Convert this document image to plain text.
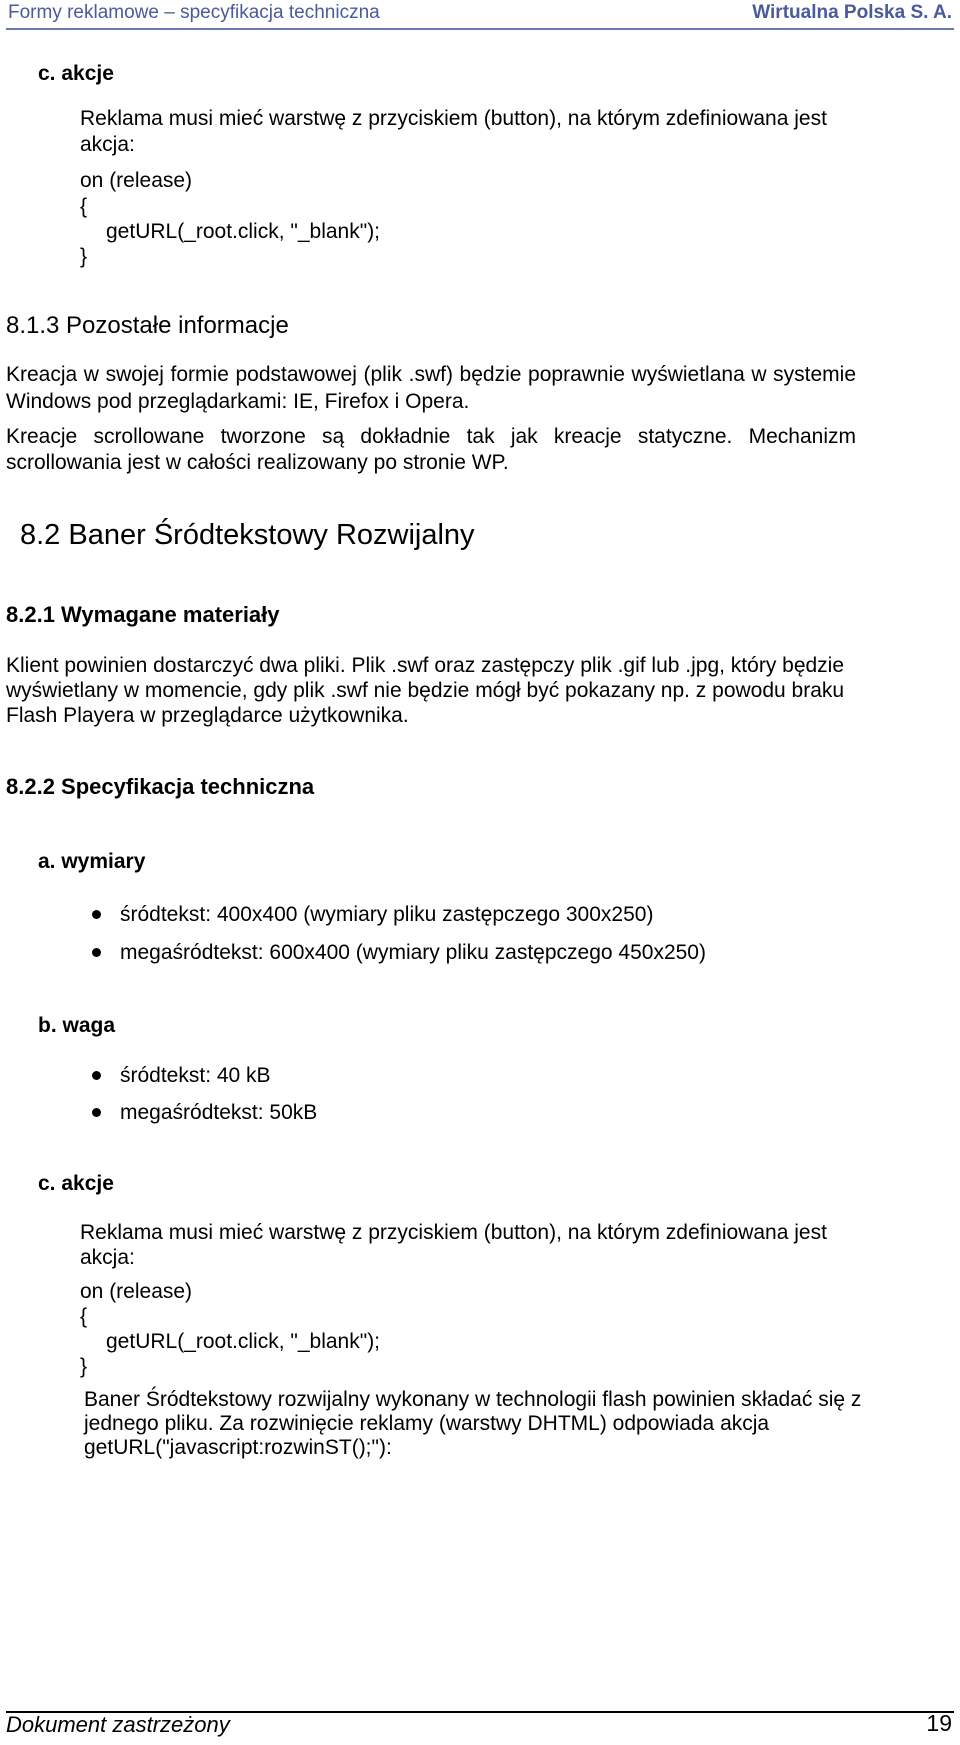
Formy reklamowe – specyfikacja techniczna	Wirtualna Polska S. A.
c. akcje
Reklama musi mieć warstwę z przyciskiem (button), na którym zdefiniowana jest
akcja:
on (release)
{
getURL(_root.click, "_blank");
}
8.1.3 Pozostałe informacje
Kreacja w swojej formie podstawowej (plik .swf) będzie poprawnie wyświetlana w systemie
Windows pod przeglądarkami: IE, Firefox i Opera.
Kreacje scrollowane tworzone są dokładnie tak jak kreacje statyczne. Mechanizm
scrollowania jest w całości realizowany po stronie WP.
8.2 Baner Śródtekstowy Rozwijalny
8.2.1 Wymagane materiały
Klient powinien dostarczyć dwa pliki. Plik .swf oraz zastępczy plik .gif lub .jpg, który będzie
wyświetlany w momencie, gdy plik .swf nie będzie mógł być pokazany np. z powodu braku
Flash Playera w przeglądarce użytkownika.
8.2.2 Specyfikacja techniczna
a. wymiary
śródtekst: 400x400 (wymiary pliku zastępczego 300x250)
megaśródtekst: 600x400 (wymiary pliku zastępczego 450x250)
b. waga
śródtekst: 40 kB
megaśródtekst: 50kB
c. akcje
Reklama musi mieć warstwę z przyciskiem (button), na którym zdefiniowana jest
akcja:
on (release)
{
getURL(_root.click, "_blank");
}
Baner Śródtekstowy rozwijalny wykonany w technologii flash powinien składać się z
jednego pliku. Za rozwinięcie reklamy (warstwy DHTML) odpowiada akcja
getURL("javascript:rozwinST();"):
Dokument zastrzeżony	19
